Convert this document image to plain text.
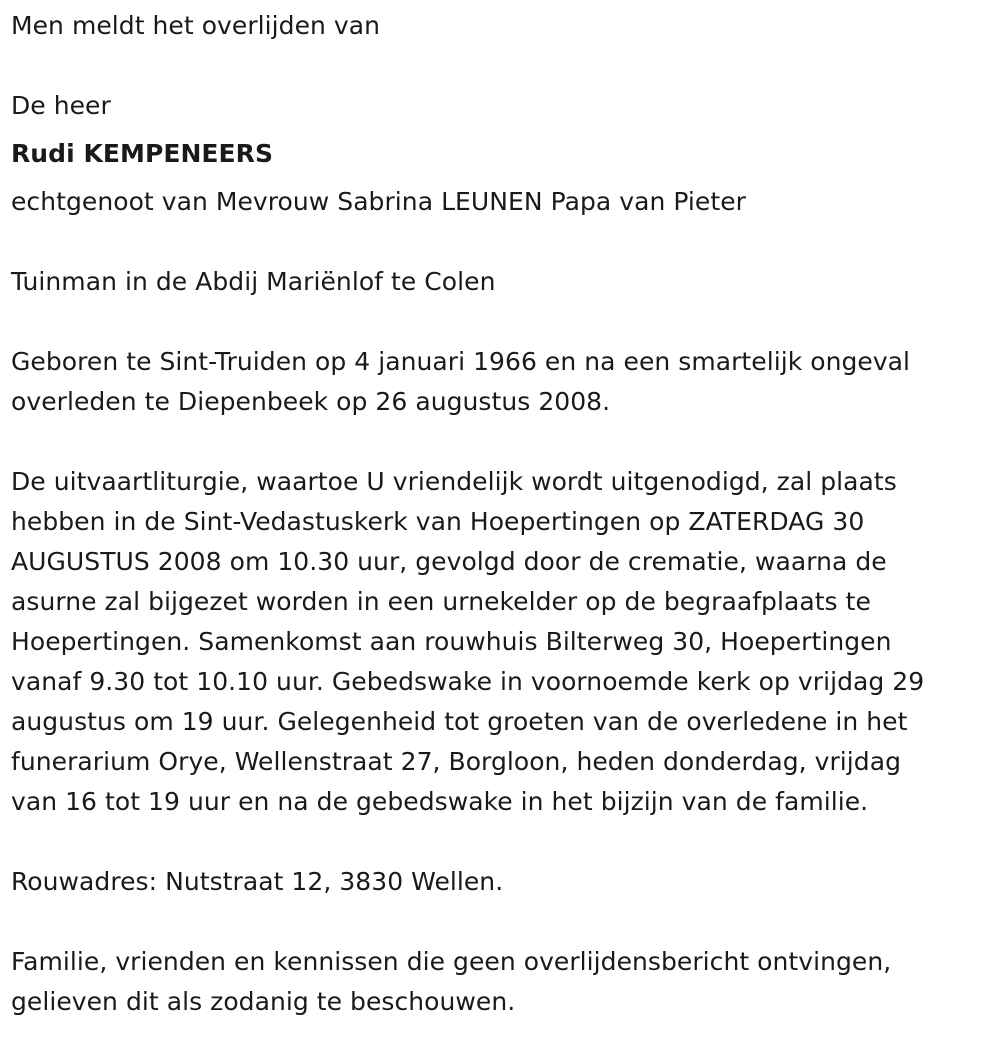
Men meldt het overlijden van
De heer
Rudi KEMPENEERS
echtgenoot van Mevrouw Sabrina LEUNEN Papa van Pieter
Tuinman in de Abdij Mariënlof te Colen
Geboren te Sint-Truiden op 4 januari 1966 en na een smartelijk ongeval
overleden te Diepenbeek op 26 augustus 2008.
De uitvaartliturgie, waartoe U vriendelijk wordt uitgenodigd, zal plaats
hebben in de Sint-Vedastuskerk van Hoepertingen op ZATERDAG 30
AUGUSTUS 2008 om 10.30 uur, gevolgd door de crematie, waarna de
asurne zal bijgezet worden in een urnekelder op de begraafplaats te
Hoepertingen. Samenkomst aan rouwhuis Bilterweg 30, Hoepertingen
vanaf 9.30 tot 10.10 uur. Gebedswake in voornoemde kerk op vrijdag 29
augustus om 19 uur. Gelegenheid tot groeten van de overledene in het
funerarium Orye, Wellenstraat 27, Borgloon, heden donderdag, vrijdag
van 16 tot 19 uur en na de gebedswake in het bijzijn van de familie.
Rouwadres: Nutstraat 12, 3830 Wellen.
Familie, vrienden en kennissen die geen overlijdensbericht ontvingen,
gelieven dit als zodanig te beschouwen.
